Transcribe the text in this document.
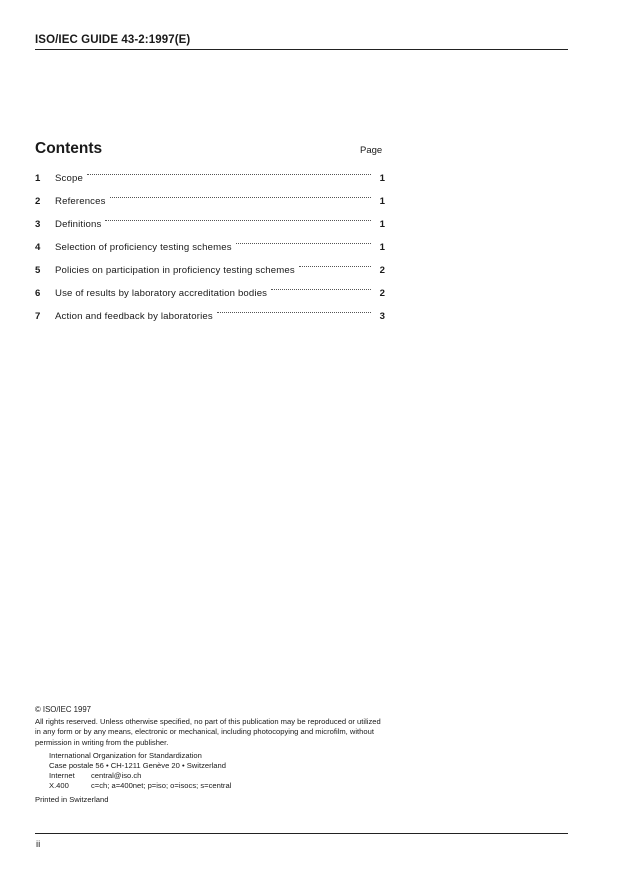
ISO/IEC GUIDE 43-2:1997(E)
Contents	Page
1	Scope	1
2	References	1
3	Definitions	1
4	Selection of proficiency testing schemes	1
5	Policies on participation in proficiency testing schemes	2
6	Use of results by laboratory accreditation bodies	2
7	Action and feedback by laboratories	3
© ISO/IEC 1997

All rights reserved. Unless otherwise specified, no part of this publication may be reproduced or utilized in any form or by any means, electronic or mechanical, including photocopying and microfilm, without permission in writing from the publisher.

International Organization for Standardization
Case postale 56 • CH-1211 Genève 20 • Switzerland
Internet	central@iso.ch
X.400	c=ch; a=400net; p=iso; o=isocs; s=central
Printed in Switzerland
ii
